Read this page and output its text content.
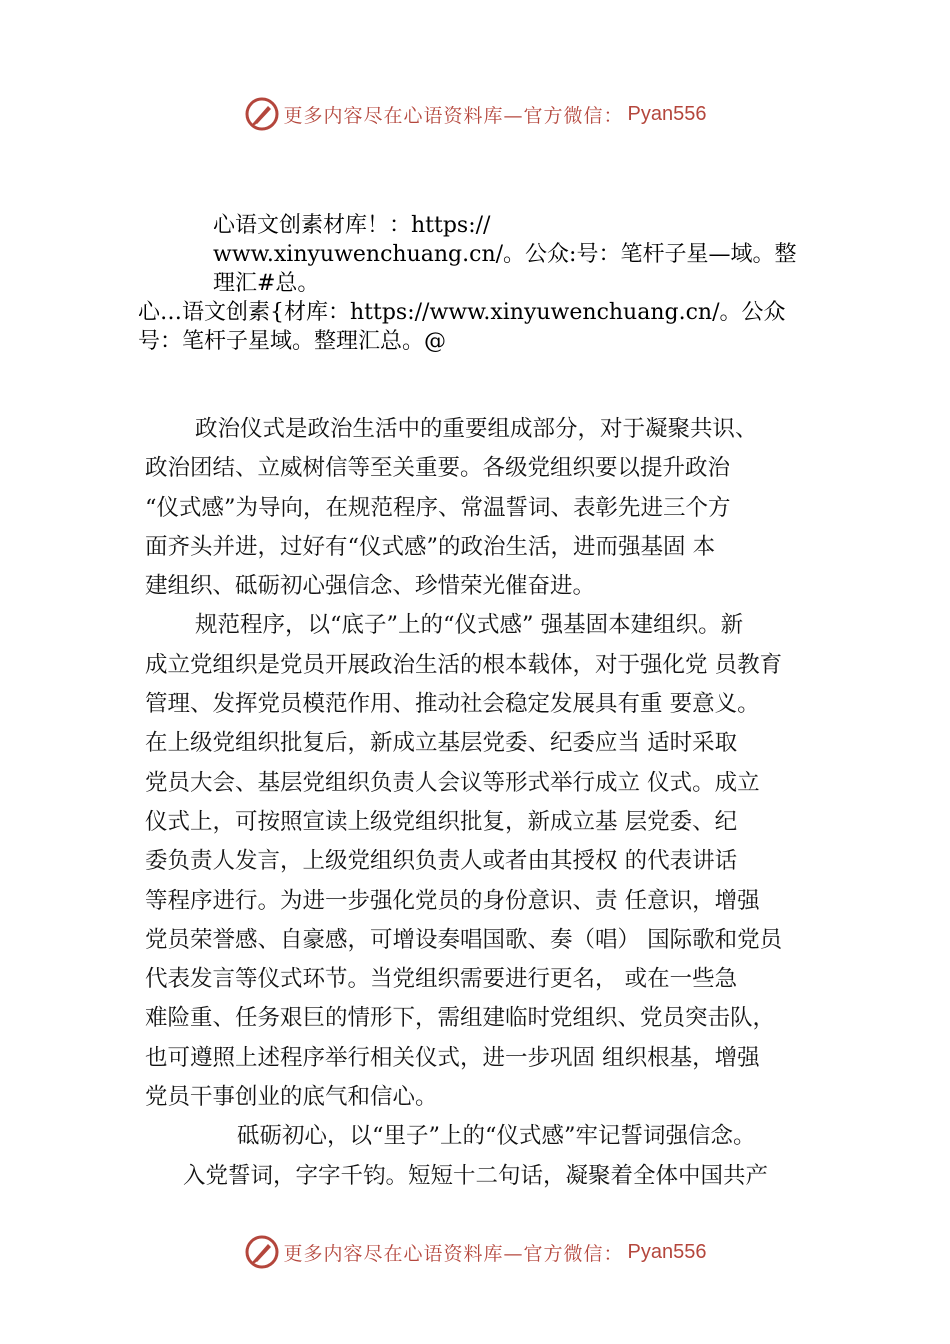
更多内容尽在心语资料库—官方微信： Pyan556
心语文创素材库！：https://
www.xinyuwenchuang.cn/。公众:号：笔杆子星—域。整
理汇#总。
心…语文创素{材库：https://www.xinyuwenchuang.cn/。公众
号：笔杆子星域。整理汇总。@

政治仪式是政治生活中的重要组成部分，对于凝聚共识、
政治团结、立威树信等至关重要。各级党组织要以提升政治
“仪式感”为导向，在规范程序、常温誓词、表彰先进三个方
面齐头并进，过好有“仪式感”的政治生活，进而强基固 本
建组织、砥砺初心强信念、珍惜荣光催奋进。

规范程序，以“底子”上的“仪式感” 强基固本建组织。新
成立党组织是党员开展政治生活的根本载体，对于强化党 员教育
管理、发挥党员模范作用、推动社会稳定发展具有重 要意义。
在上级党组织批复后，新成立基层党委、纪委应当 适时采取
党员大会、基层党组织负责人会议等形式举行成立 仪式。成立
仪式上，可按照宣读上级党组织批复，新成立基 层党委、纪
委负责人发言，上级党组织负责人或者由其授权 的代表讲话
等程序进行。为进一步强化党员的身份意识、责 任意识，增强
党员荣誉感、自豪感，可增设奏唱国歌、奏（唱） 国际歌和党员
代表发言等仪式环节。当党组织需要进行更名， 或在一些急
难险重、任务艰巨的情形下，需组建临时党组织、党员突击队，
也可遵照上述程序举行相关仪式，进一步巩固 组织根基，增强
党员干事创业的底气和信心。

砥砺初心，以“里子”上的“仪式感”牢记誓词强信念。

入党誓词，字字千钧。短短十二句话，凝聚着全体中国共产

更多内容尽在心语资料库—官方微信： Pyan556
